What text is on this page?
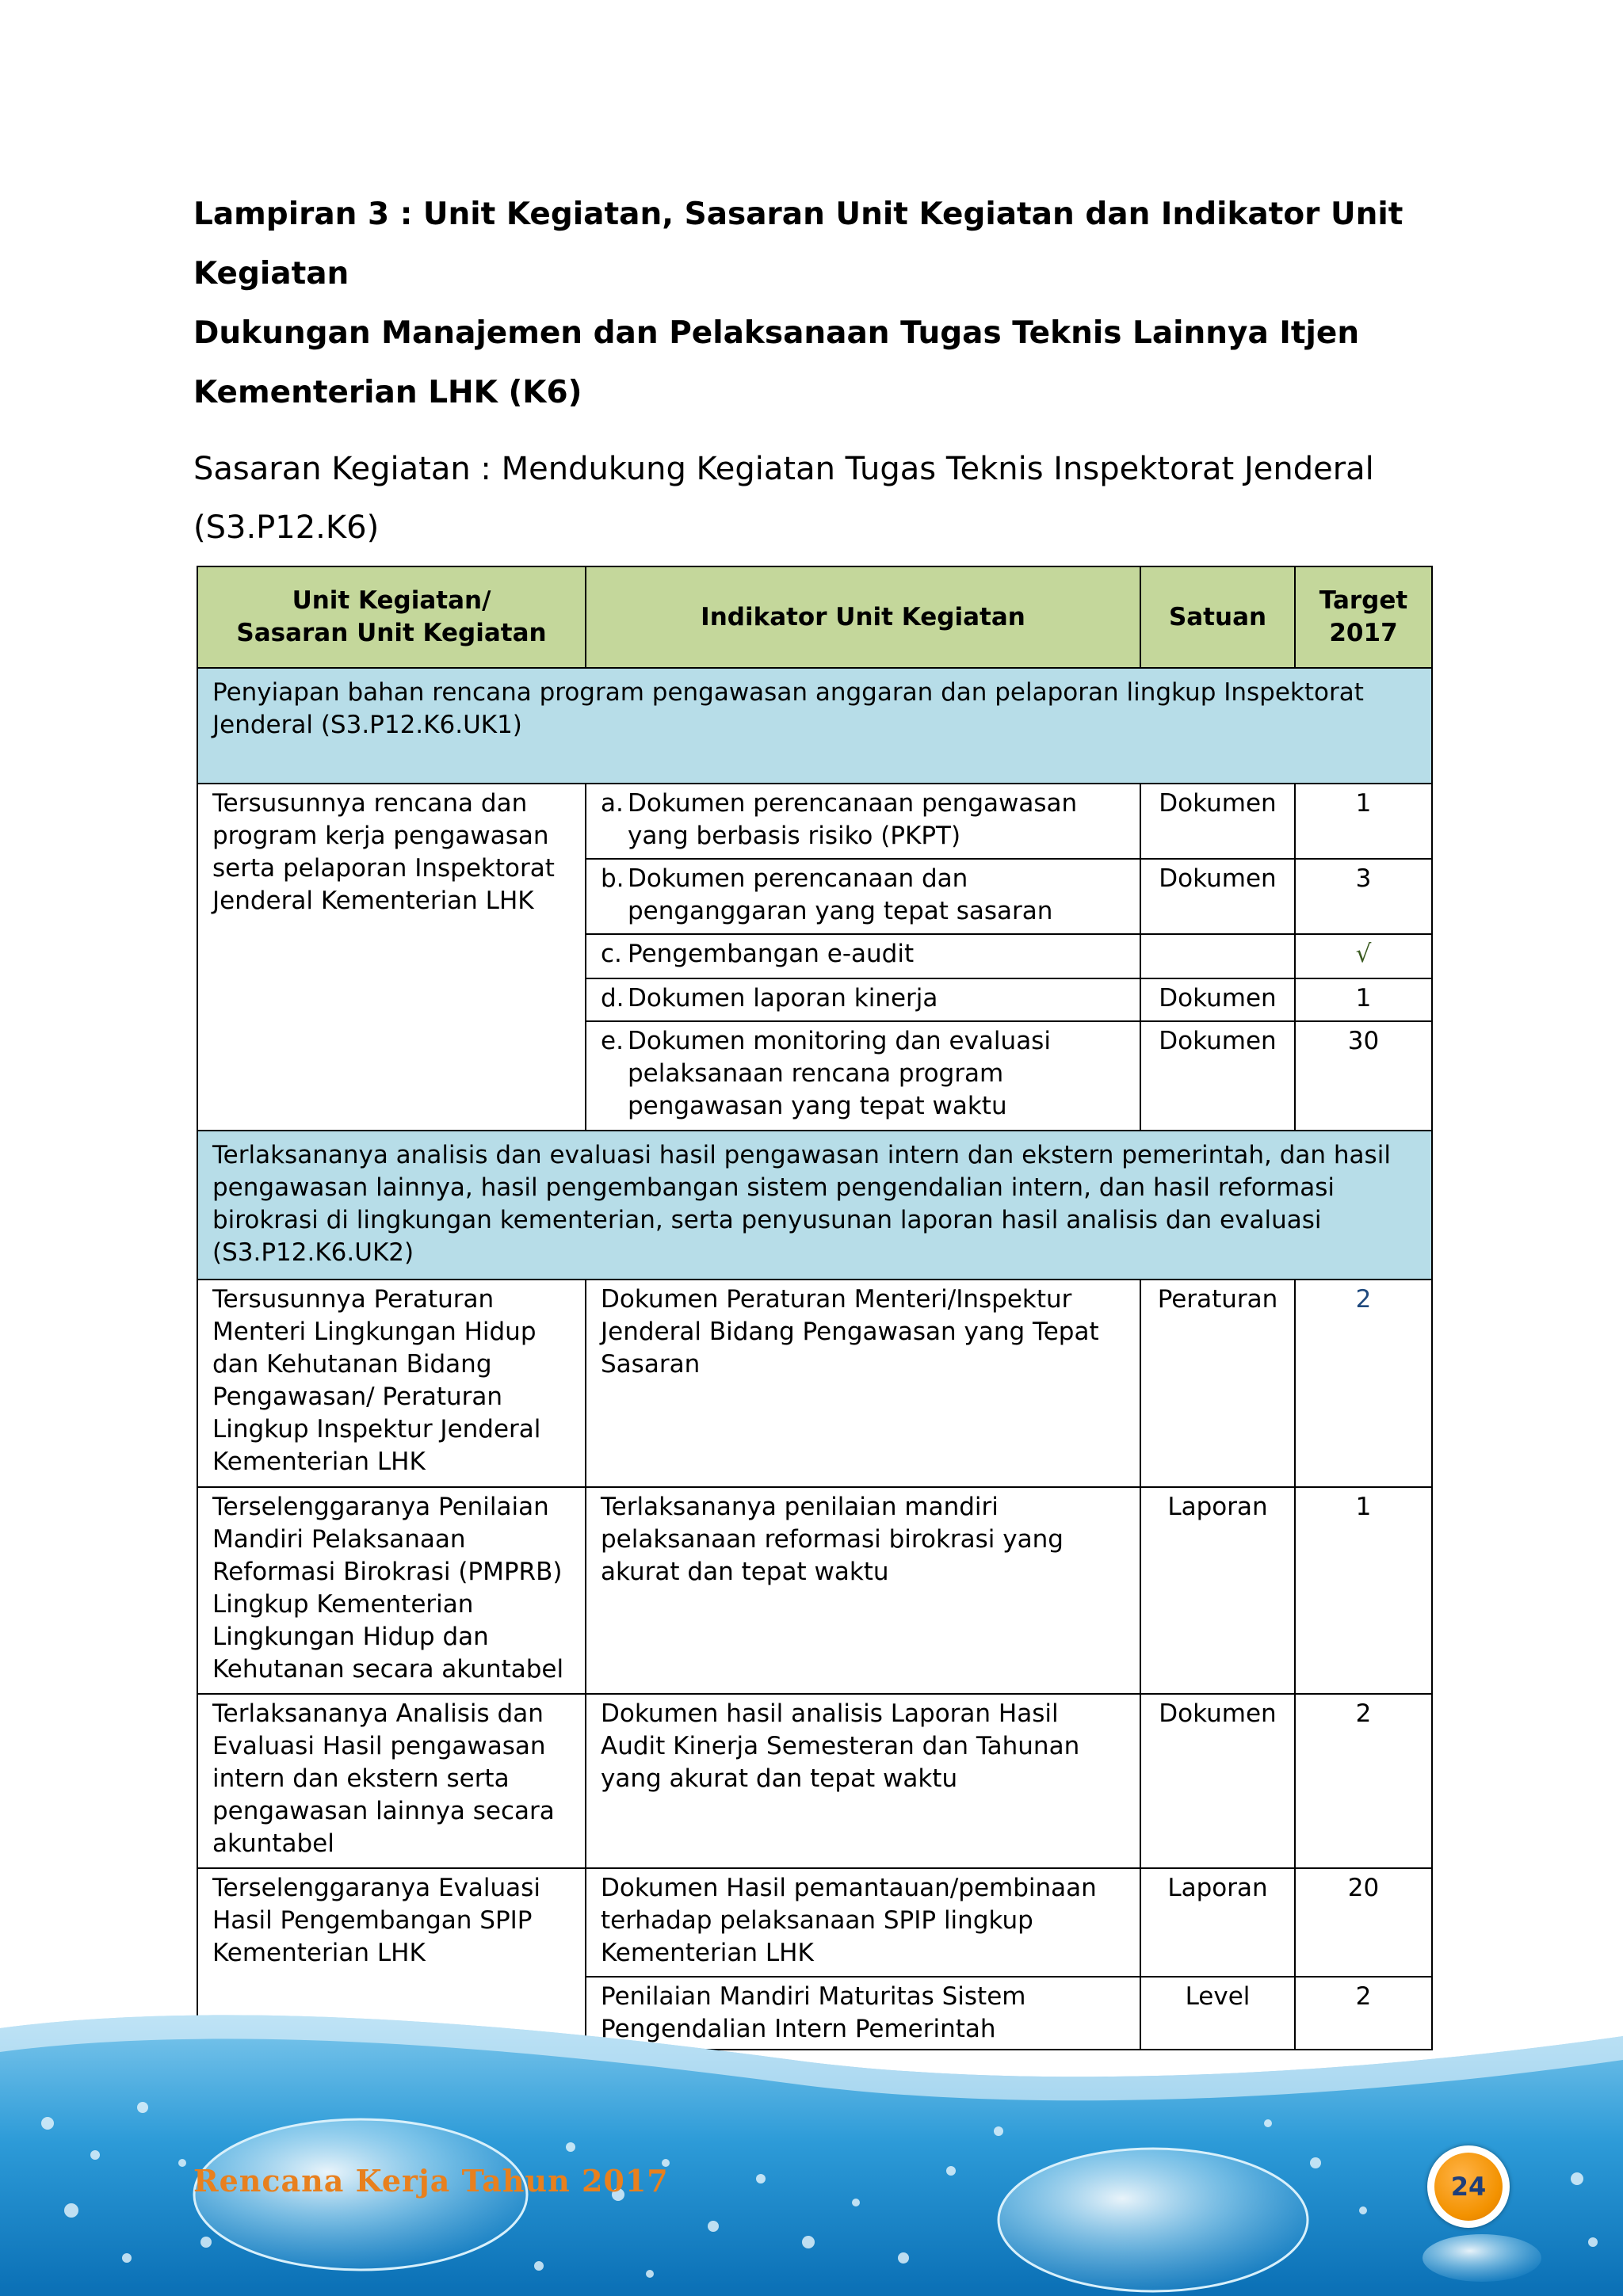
Lampiran 3 : Unit Kegiatan, Sasaran Unit Kegiatan dan Indikator Unit
Kegiatan
Dukungan Manajemen dan Pelaksanaan Tugas Teknis Lainnya Itjen
Kementerian LHK (K6)
Sasaran Kegiatan : Mendukung Kegiatan Tugas Teknis Inspektorat Jenderal
(S3.P12.K6)
Unit Kegiatan/
Sasaran Unit Kegiatan	Indikator Unit Kegiatan	Satuan	Target
2017
Penyiapan bahan rencana program pengawasan anggaran dan pelaporan lingkup Inspektorat Jenderal (S3.P12.K6.UK1)			
Tersusunnya rencana dan program kerja pengawasan serta pelaporan Inspektorat Jenderal Kementerian LHK	a. Dokumen perencanaan pengawasan yang berbasis risiko (PKPT)	Dokumen	1

	b. Dokumen perencanaan dan penganggaran yang tepat sasaran	Dokumen	3

	c. Pengembangan e-audit		√

	d. Dokumen laporan kinerja	Dokumen	1

	e. Dokumen monitoring dan evaluasi pelaksanaan rencana program pengawasan yang tepat waktu	Dokumen	30
Terlaksananya analisis dan evaluasi hasil pengawasan intern dan ekstern pemerintah, dan hasil pengawasan lainnya, hasil pengembangan sistem pengendalian intern, dan hasil reformasi birokrasi di lingkungan kementerian, serta penyusunan laporan hasil analisis dan evaluasi (S3.P12.K6.UK2)			
Tersusunnya Peraturan Menteri Lingkungan Hidup dan Kehutanan Bidang Pengawasan/ Peraturan Lingkup Inspektur Jenderal Kementerian LHK	Dokumen Peraturan Menteri/Inspektur Jenderal Bidang Pengawasan yang Tepat Sasaran	Peraturan	2
Terselenggaranya Penilaian Mandiri Pelaksanaan Reformasi Birokrasi (PMPRB) Lingkup Kementerian Lingkungan Hidup dan Kehutanan secara akuntabel	Terlaksananya penilaian mandiri pelaksanaan reformasi birokrasi yang akurat dan tepat waktu	Laporan	1
Terlaksananya Analisis dan Evaluasi Hasil pengawasan intern dan ekstern serta pengawasan lainnya secara akuntabel	Dokumen hasil analisis Laporan Hasil Audit Kinerja Semesteran dan Tahunan yang akurat dan tepat waktu	Dokumen	2
Terselenggaranya Evaluasi Hasil Pengembangan SPIP Kementerian LHK	Dokumen Hasil pemantauan/pembinaan terhadap pelaksanaan SPIP lingkup Kementerian LHK	Laporan	20
	Penilaian Mandiri Maturitas Sistem Pengendalian Intern Pemerintah	Level	2
Rencana Kerja Tahun 2017	24
